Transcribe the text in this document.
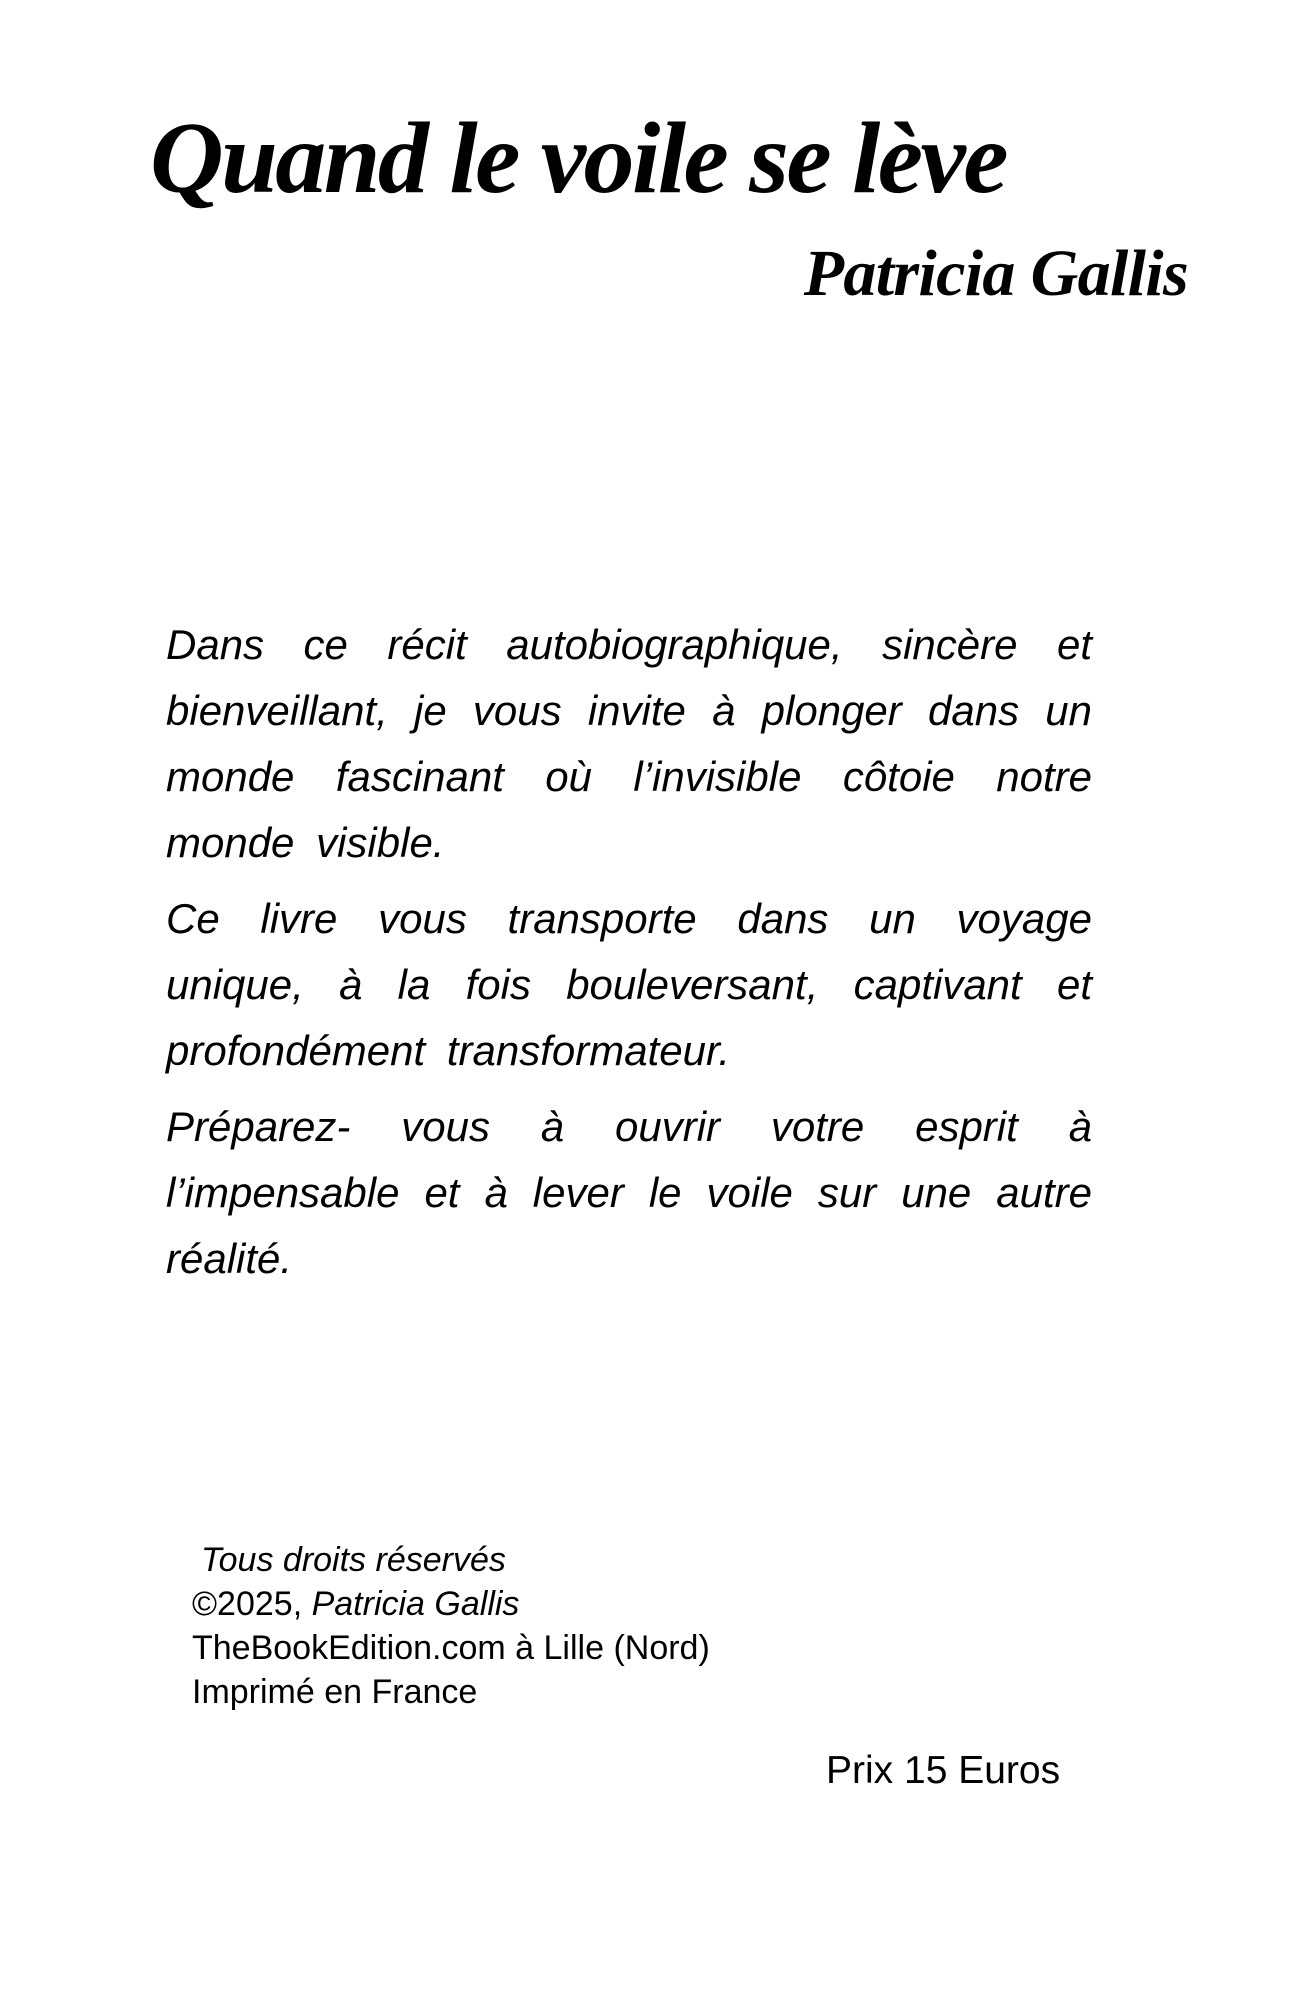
Quand le voile se lève
Patricia Gallis

Dans ce récit autobiographique, sincère et bienveillant, je vous invite à plonger dans un monde fascinant où l’invisible côtoie notre monde visible.

Ce livre vous transporte dans un voyage unique, à la fois bouleversant, captivant et profondément transformateur.

Préparez- vous à ouvrir votre esprit à l’impensable et à lever le voile sur une autre réalité.

Tous droits réservés
©2025, Patricia Gallis
TheBookEdition.com à Lille (Nord)
Imprimé en France
Prix 15 Euros
